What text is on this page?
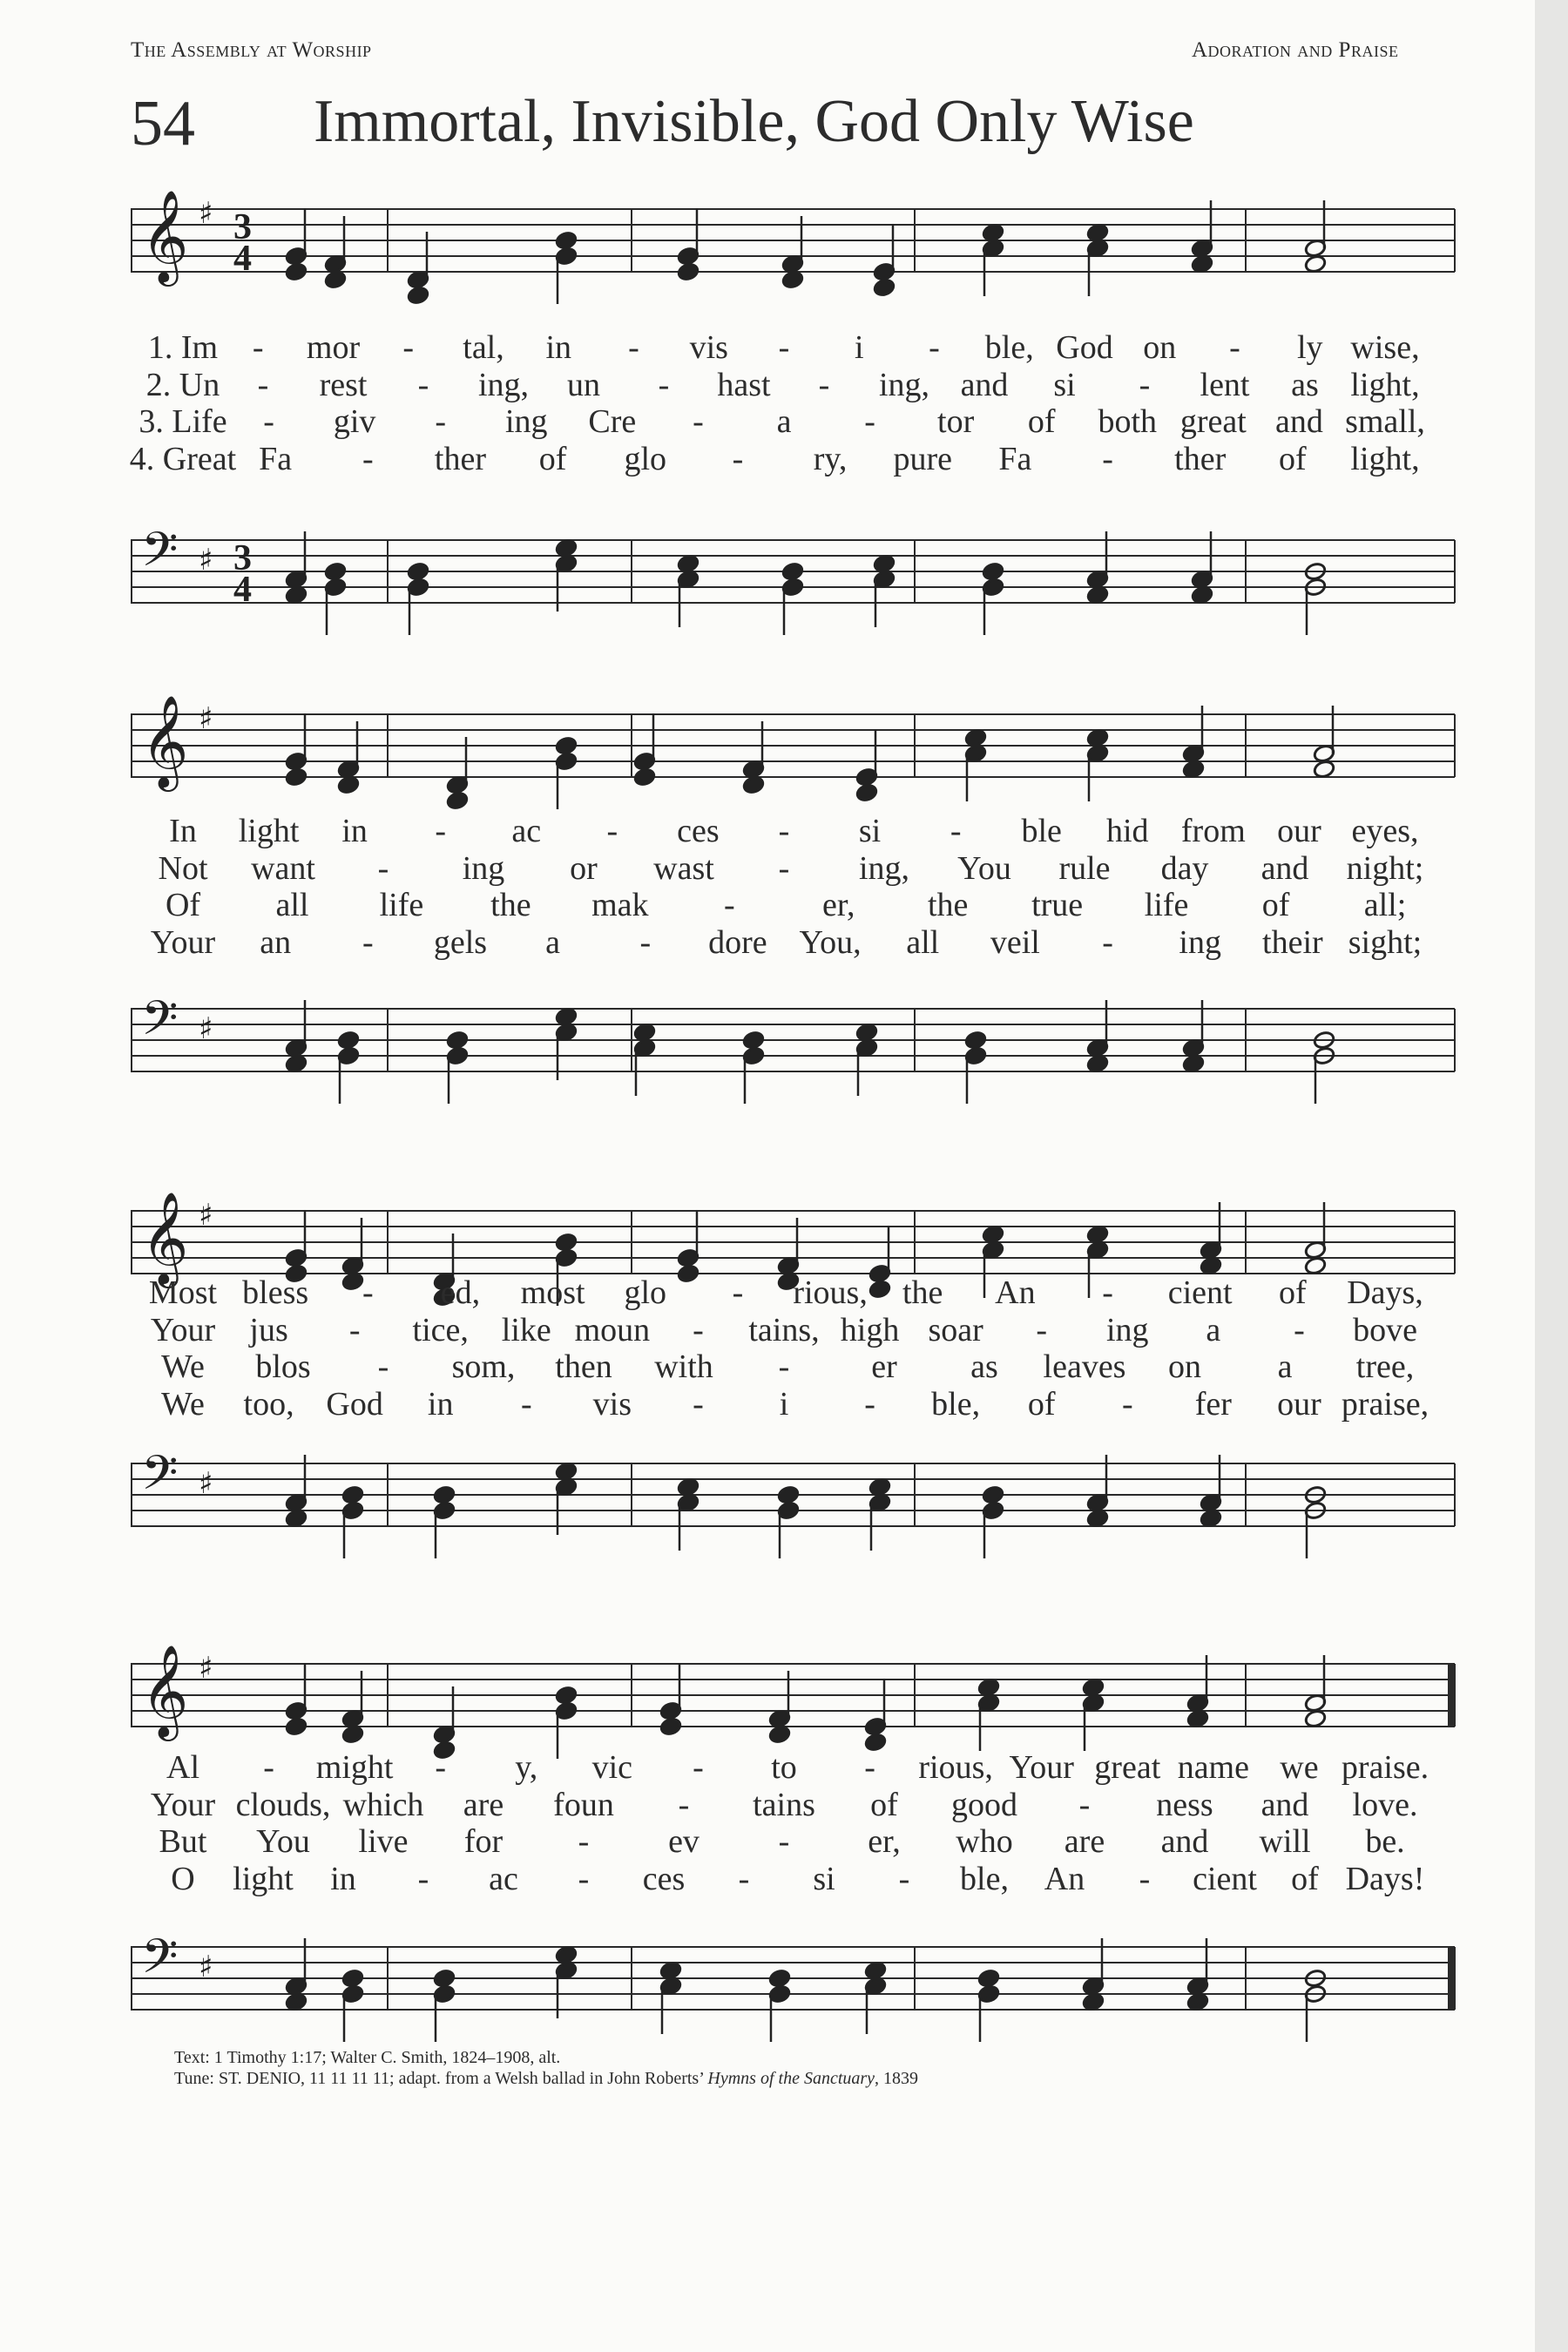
The Assembly at Worship	Adoration and Praise
54 Immortal, Invisible, God Only Wise
𝄞 ♯ 3
4
1. Im - mor - tal, in - vis - i - ble, God on - ly wise,
2. Un - rest - ing, un - hast - ing, and si - lent as light,
3. Life - giv - ing Cre - a - tor of both great and small,
4. Great Fa - ther of glo - ry, pure Fa - ther of light,
𝄢 ♯ 3
4
𝄞 ♯
In light in - ac - ces - si - ble hid from our eyes,
Not want - ing or wast - ing, You rule day and night;
Of all life the mak -	er, the true life of all;
Your an - gels a - dore You, all veil - ing their sight;
𝄢 ♯
𝄞 ♯
Most bless - ed, most glo - rious, the An - cient of Days,
Your jus - tice, like moun - tains, high soar - ing a - bove
We blos - som, then with - er as leaves on a tree,
We too, God in - vis - i - ble, of - fer our praise,
𝄢 ♯
𝄞 ♯
Al - might - y, vic - to - rious, Your great name we praise.
Your clouds, which are foun - tains of good - ness and love.
But You live for - ev - er, who are and will be.
O light in - ac - ces - si - ble, An - cient of Days!
𝄢 ♯
Text: 1 Timothy 1:17; Walter C. Smith, 1824–1908, alt.
Tune: ST. DENIO, 11 11 11 11; adapt. from a Welsh ballad in John Roberts’ Hymns of the Sanctuary, 1839
